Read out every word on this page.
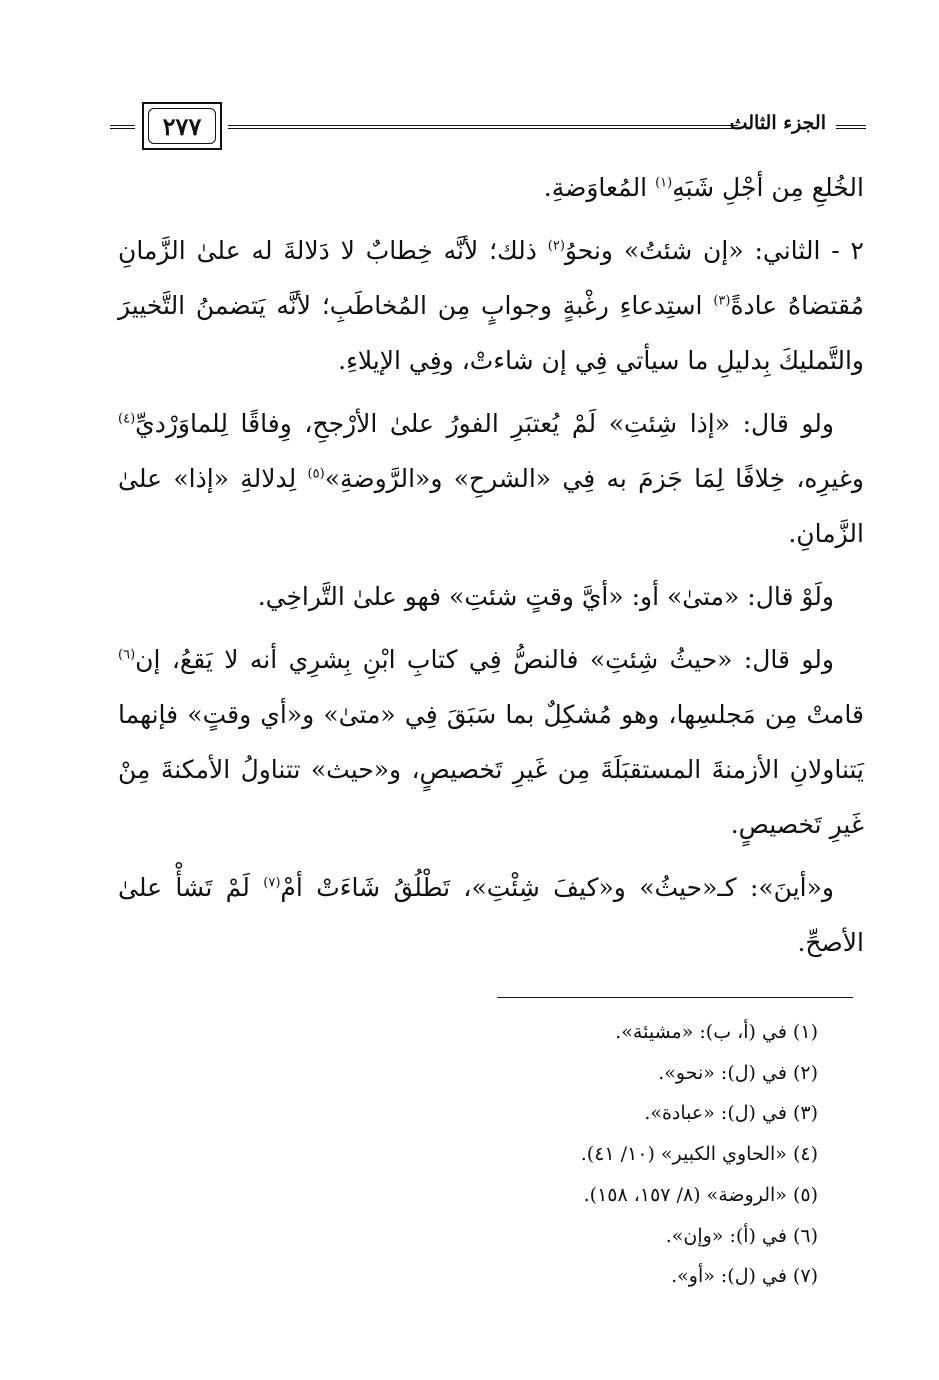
٢٧٧	الجزء الثالث

الخُلعِ مِن أجْلِ شَبَهِ$^{(١)}$ المُعاوَضةِ.

٢ - الثاني: «إن شئتُ» ونحوُ$^{(٢)}$ ذلك؛ لأنَّه خِطابٌ لا دَلالةَ له علىٰ الزَّمانِ مُقتضاهُ عادةً$^{(٣)}$ استِدعاءِ رغْبةٍ وجوابٍ مِن المُخاطَبِ؛ لأنَّه يَتضمنُ التَّخييرَ والتَّمليكَ بِدليلِ ما سيأتي فِي إن شاءتْ، وفِي الإيلاءِ.

ولو قال: «إذا شِئتِ» لَمْ يُعتبَرِ الفورُ علىٰ الأرْجحِ، وِفاقًا لِلماوَرْديِّ$^{(٤)}$ وغيرِه، خِلافًا لِمَا جَزمَ به فِي «الشرحِ» و«الرَّوضةِ»$^{(٥)}$ لِدلالةِ «إذا» علىٰ الزَّمانِ.

ولَوْ قال: «متىٰ» أو: «أيَّ وقتٍ شئتِ» فهو علىٰ التَّراخِي.

ولو قال: «حيثُ شِئتِ» فالنصُّ فِي كتابِ ابْنِ بِشرِي أنه لا يَقعُ، إن$^{(٦)}$ قامتْ مِن مَجلسِها، وهو مُشكِلٌ بما سَبَقَ فِي «متىٰ» و«أي وقتٍ» فإنهما يَتناولانِ الأزمنةَ المستقبَلَةَ مِن غَيرِ تَخصيصٍ، و«حيث» تتناولُ الأمكنةَ مِنْ غَيرِ تَخصيصٍ.

و«أينَ»: كـ«حيثُ» و«كيفَ شِئْتِ»، تَطْلُقُ شَاءَتْ أمْ$^{(٧)}$ لَمْ تَشأْ علىٰ الأصحِّ.

(١) في (أ، ب): «مشيئة».
(٢) في (ل): «نحو».
(٣) في (ل): «عبادة».
(٤) «الحاوي الكبير» (١٠/ ٤١).
(٥) «الروضة» (٨/ ١٥٧، ١٥٨).
(٦) في (أ): «وإن».
(٧) في (ل): «أو».
